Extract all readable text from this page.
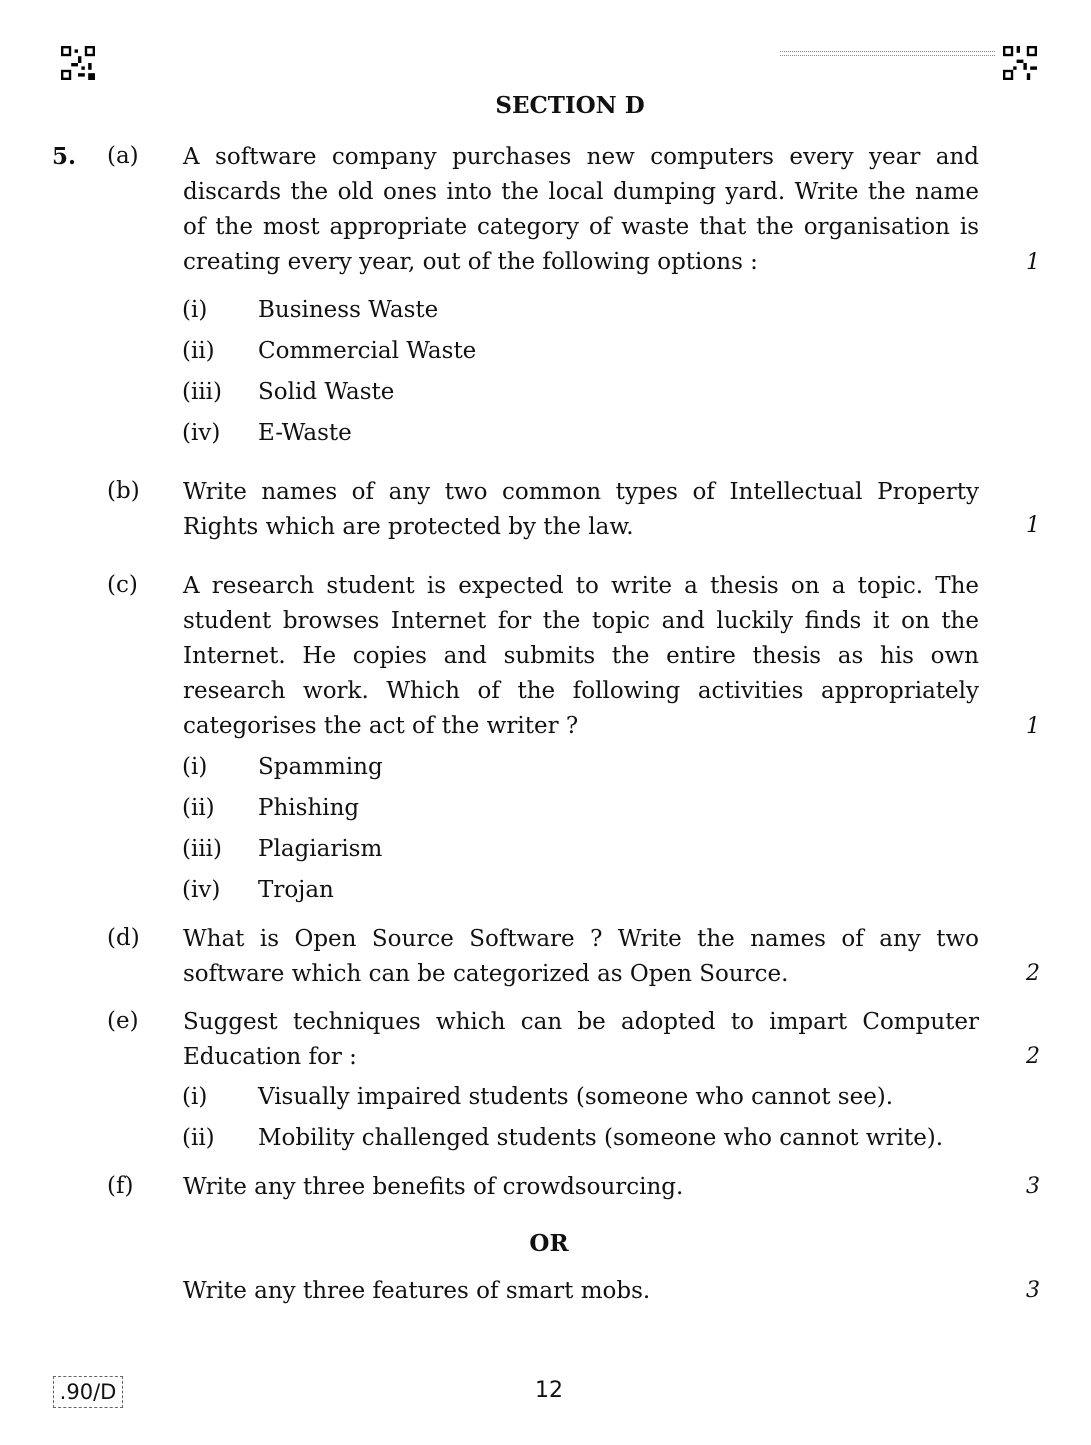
SECTION D
5. (a) A software company purchases new computers every year and discards the old ones into the local dumping yard. Write the name of the most appropriate category of waste that the organisation is creating every year, out of the following options :	1
(i) Business Waste
(ii) Commercial Waste
(iii) Solid Waste
(iv) E-Waste
(b) Write names of any two common types of Intellectual Property Rights which are protected by the law.	1
(c) A research student is expected to write a thesis on a topic. The student browses Internet for the topic and luckily finds it on the Internet. He copies and submits the entire thesis as his own research work. Which of the following activities appropriately categorises the act of the writer ?	1
(i) Spamming
(ii) Phishing
(iii) Plagiarism
(iv) Trojan
(d) What is Open Source Software ? Write the names of any two software which can be categorized as Open Source.	2
(e) Suggest techniques which can be adopted to impart Computer Education for :	2
(i) Visually impaired students (someone who cannot see).
(ii) Mobility challenged students (someone who cannot write).
(f) Write any three benefits of crowdsourcing.	3
OR
Write any three features of smart mobs.	3
.90/D	12
